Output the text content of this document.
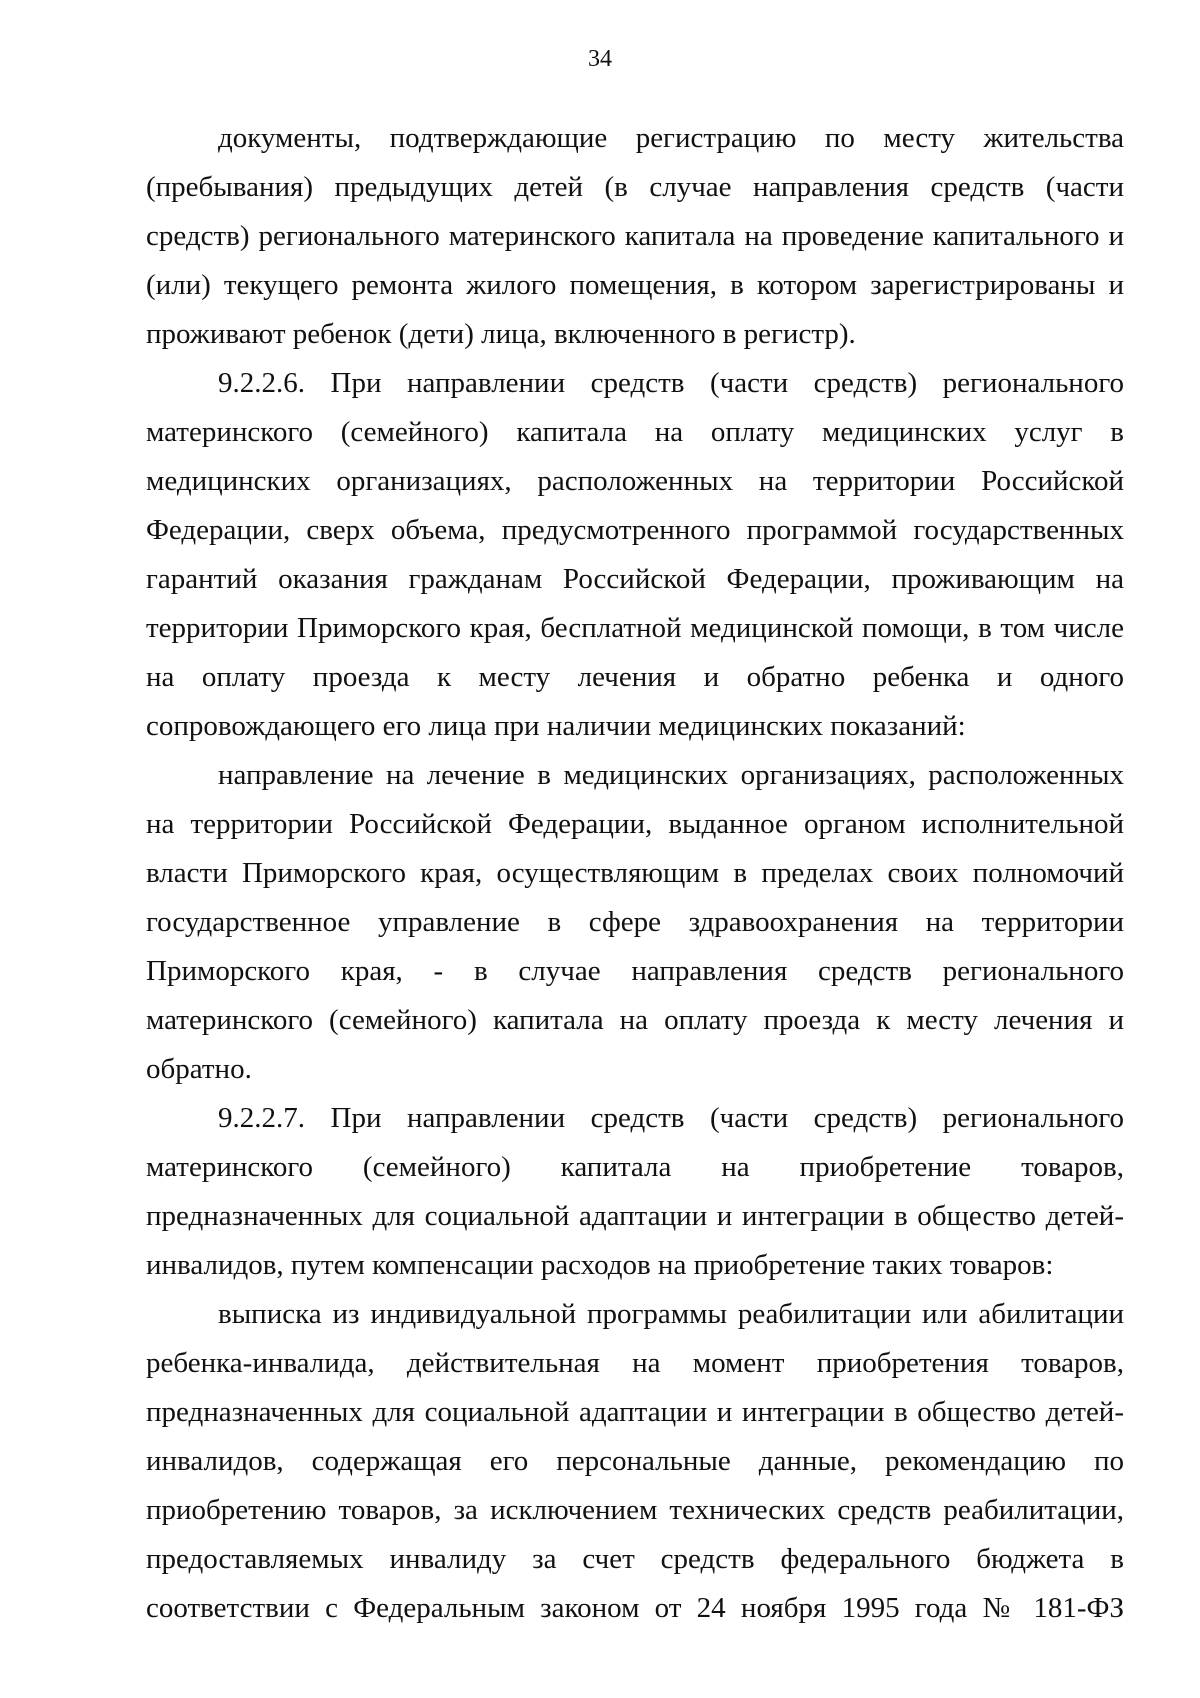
34

документы, подтверждающие регистрацию по месту жительства (пребывания) предыдущих детей (в случае направления средств (части средств) регионального материнского капитала на проведение капитального и (или) текущего ремонта жилого помещения, в котором зарегистрированы и проживают ребенок (дети) лица, включенного в регистр).

9.2.2.6. При направлении средств (части средств) регионального материнского (семейного) капитала на оплату медицинских услуг в медицинских организациях, расположенных на территории Российской Федерации, сверх объема, предусмотренного программой государственных гарантий оказания гражданам Российской Федерации, проживающим на территории Приморского края, бесплатной медицинской помощи, в том числе на оплату проезда к месту лечения и обратно ребенка и одного сопровождающего его лица при наличии медицинских показаний:

направление на лечение в медицинских организациях, расположенных на территории Российской Федерации, выданное органом исполнительной власти Приморского края, осуществляющим в пределах своих полномочий государственное управление в сфере здравоохранения на территории Приморского края, - в случае направления средств регионального материнского (семейного) капитала на оплату проезда к месту лечения и обратно.

9.2.2.7. При направлении средств (части средств) регионального материнского (семейного) капитала на приобретение товаров, предназначенных для социальной адаптации и интеграции в общество детей-инвалидов, путем компенсации расходов на приобретение таких товаров:

выписка из индивидуальной программы реабилитации или абилитации ребенка-инвалида, действительная на момент приобретения товаров, предназначенных для социальной адаптации и интеграции в общество детей-инвалидов, содержащая его персональные данные, рекомендацию по приобретению товаров, за исключением технических средств реабилитации, предоставляемых инвалиду за счет средств федерального бюджета в соответствии с Федеральным законом от 24 ноября 1995 года № 181-ФЗ
